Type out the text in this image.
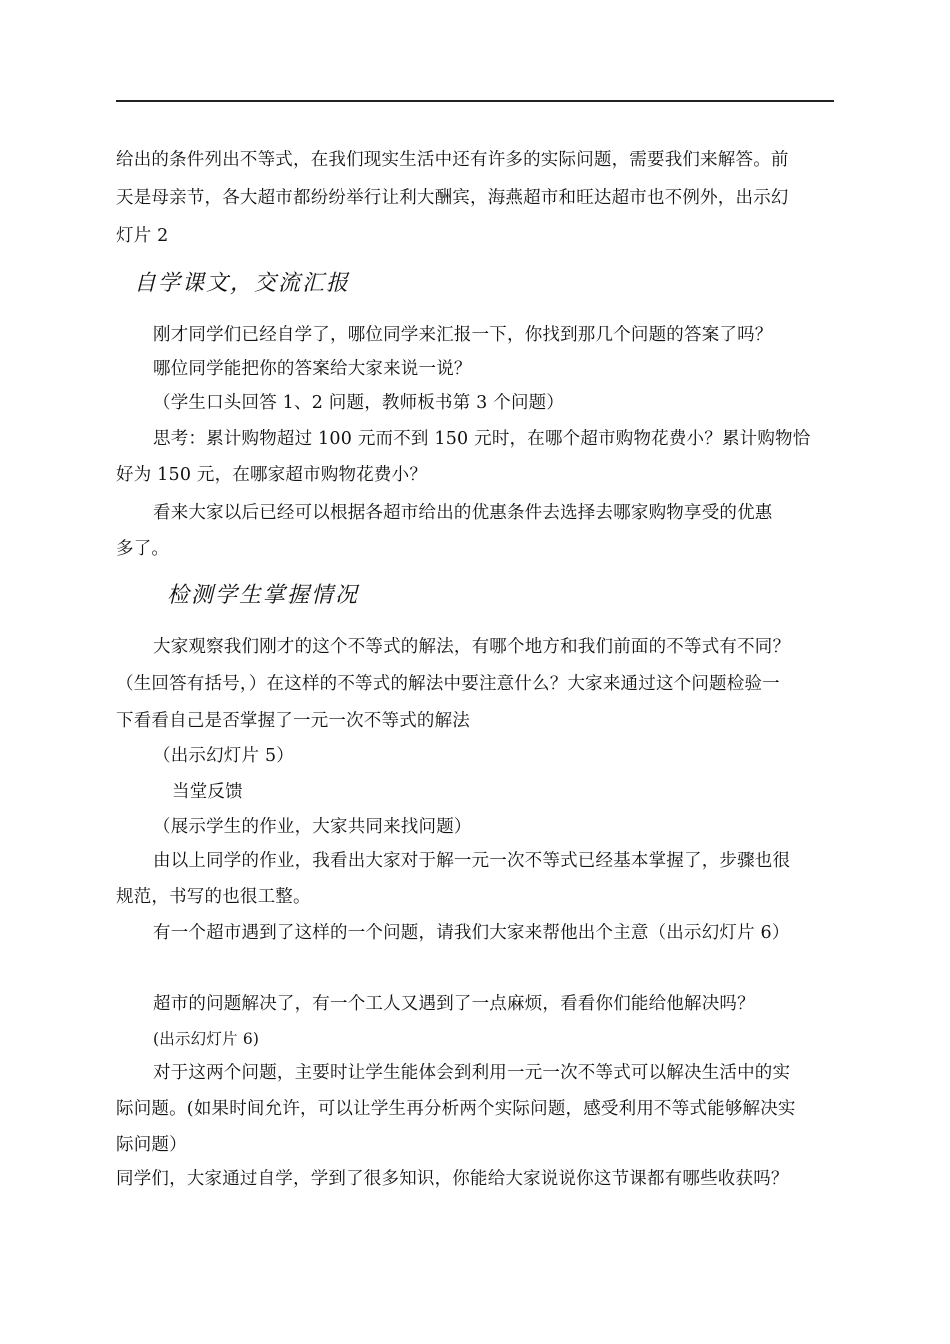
给出的条件列出不等式，在我们现实生活中还有许多的实际问题，需要我们来解答。前
天是母亲节，各大超市都纷纷举行让利大酬宾，海燕超市和旺达超市也不例外，出示幻
灯片 2
自学课文，交流汇报
刚才同学们已经自学了，哪位同学来汇报一下，你找到那几个问题的答案了吗？
哪位同学能把你的答案给大家来说一说？
（学生口头回答 1、2 问题，教师板书第 3 个问题）
思考：累计购物超过 100 元而不到 150 元时，在哪个超市购物花费小？累计购物恰
好为 150 元，在哪家超市购物花费小？
看来大家以后已经可以根据各超市给出的优惠条件去选择去哪家购物享受的优惠
多了。
检测学生掌握情况
大家观察我们刚才的这个不等式的解法，有哪个地方和我们前面的不等式有不同？
（生回答有括号，）在这样的不等式的解法中要注意什么？大家来通过这个问题检验一
下看看自己是否掌握了一元一次不等式的解法
（出示幻灯片 5）
当堂反馈
（展示学生的作业，大家共同来找问题）
由以上同学的作业，我看出大家对于解一元一次不等式已经基本掌握了，步骤也很
规范，书写的也很工整。
有一个超市遇到了这样的一个问题，请我们大家来帮他出个主意（出示幻灯片 6）
超市的问题解决了，有一个工人又遇到了一点麻烦，看看你们能给他解决吗？
(出示幻灯片 6)
对于这两个问题，主要时让学生能体会到利用一元一次不等式可以解决生活中的实
际问题。(如果时间允许，可以让学生再分析两个实际问题，感受利用不等式能够解决实
际问题）
同学们，大家通过自学，学到了很多知识，你能给大家说说你这节课都有哪些收获吗？
